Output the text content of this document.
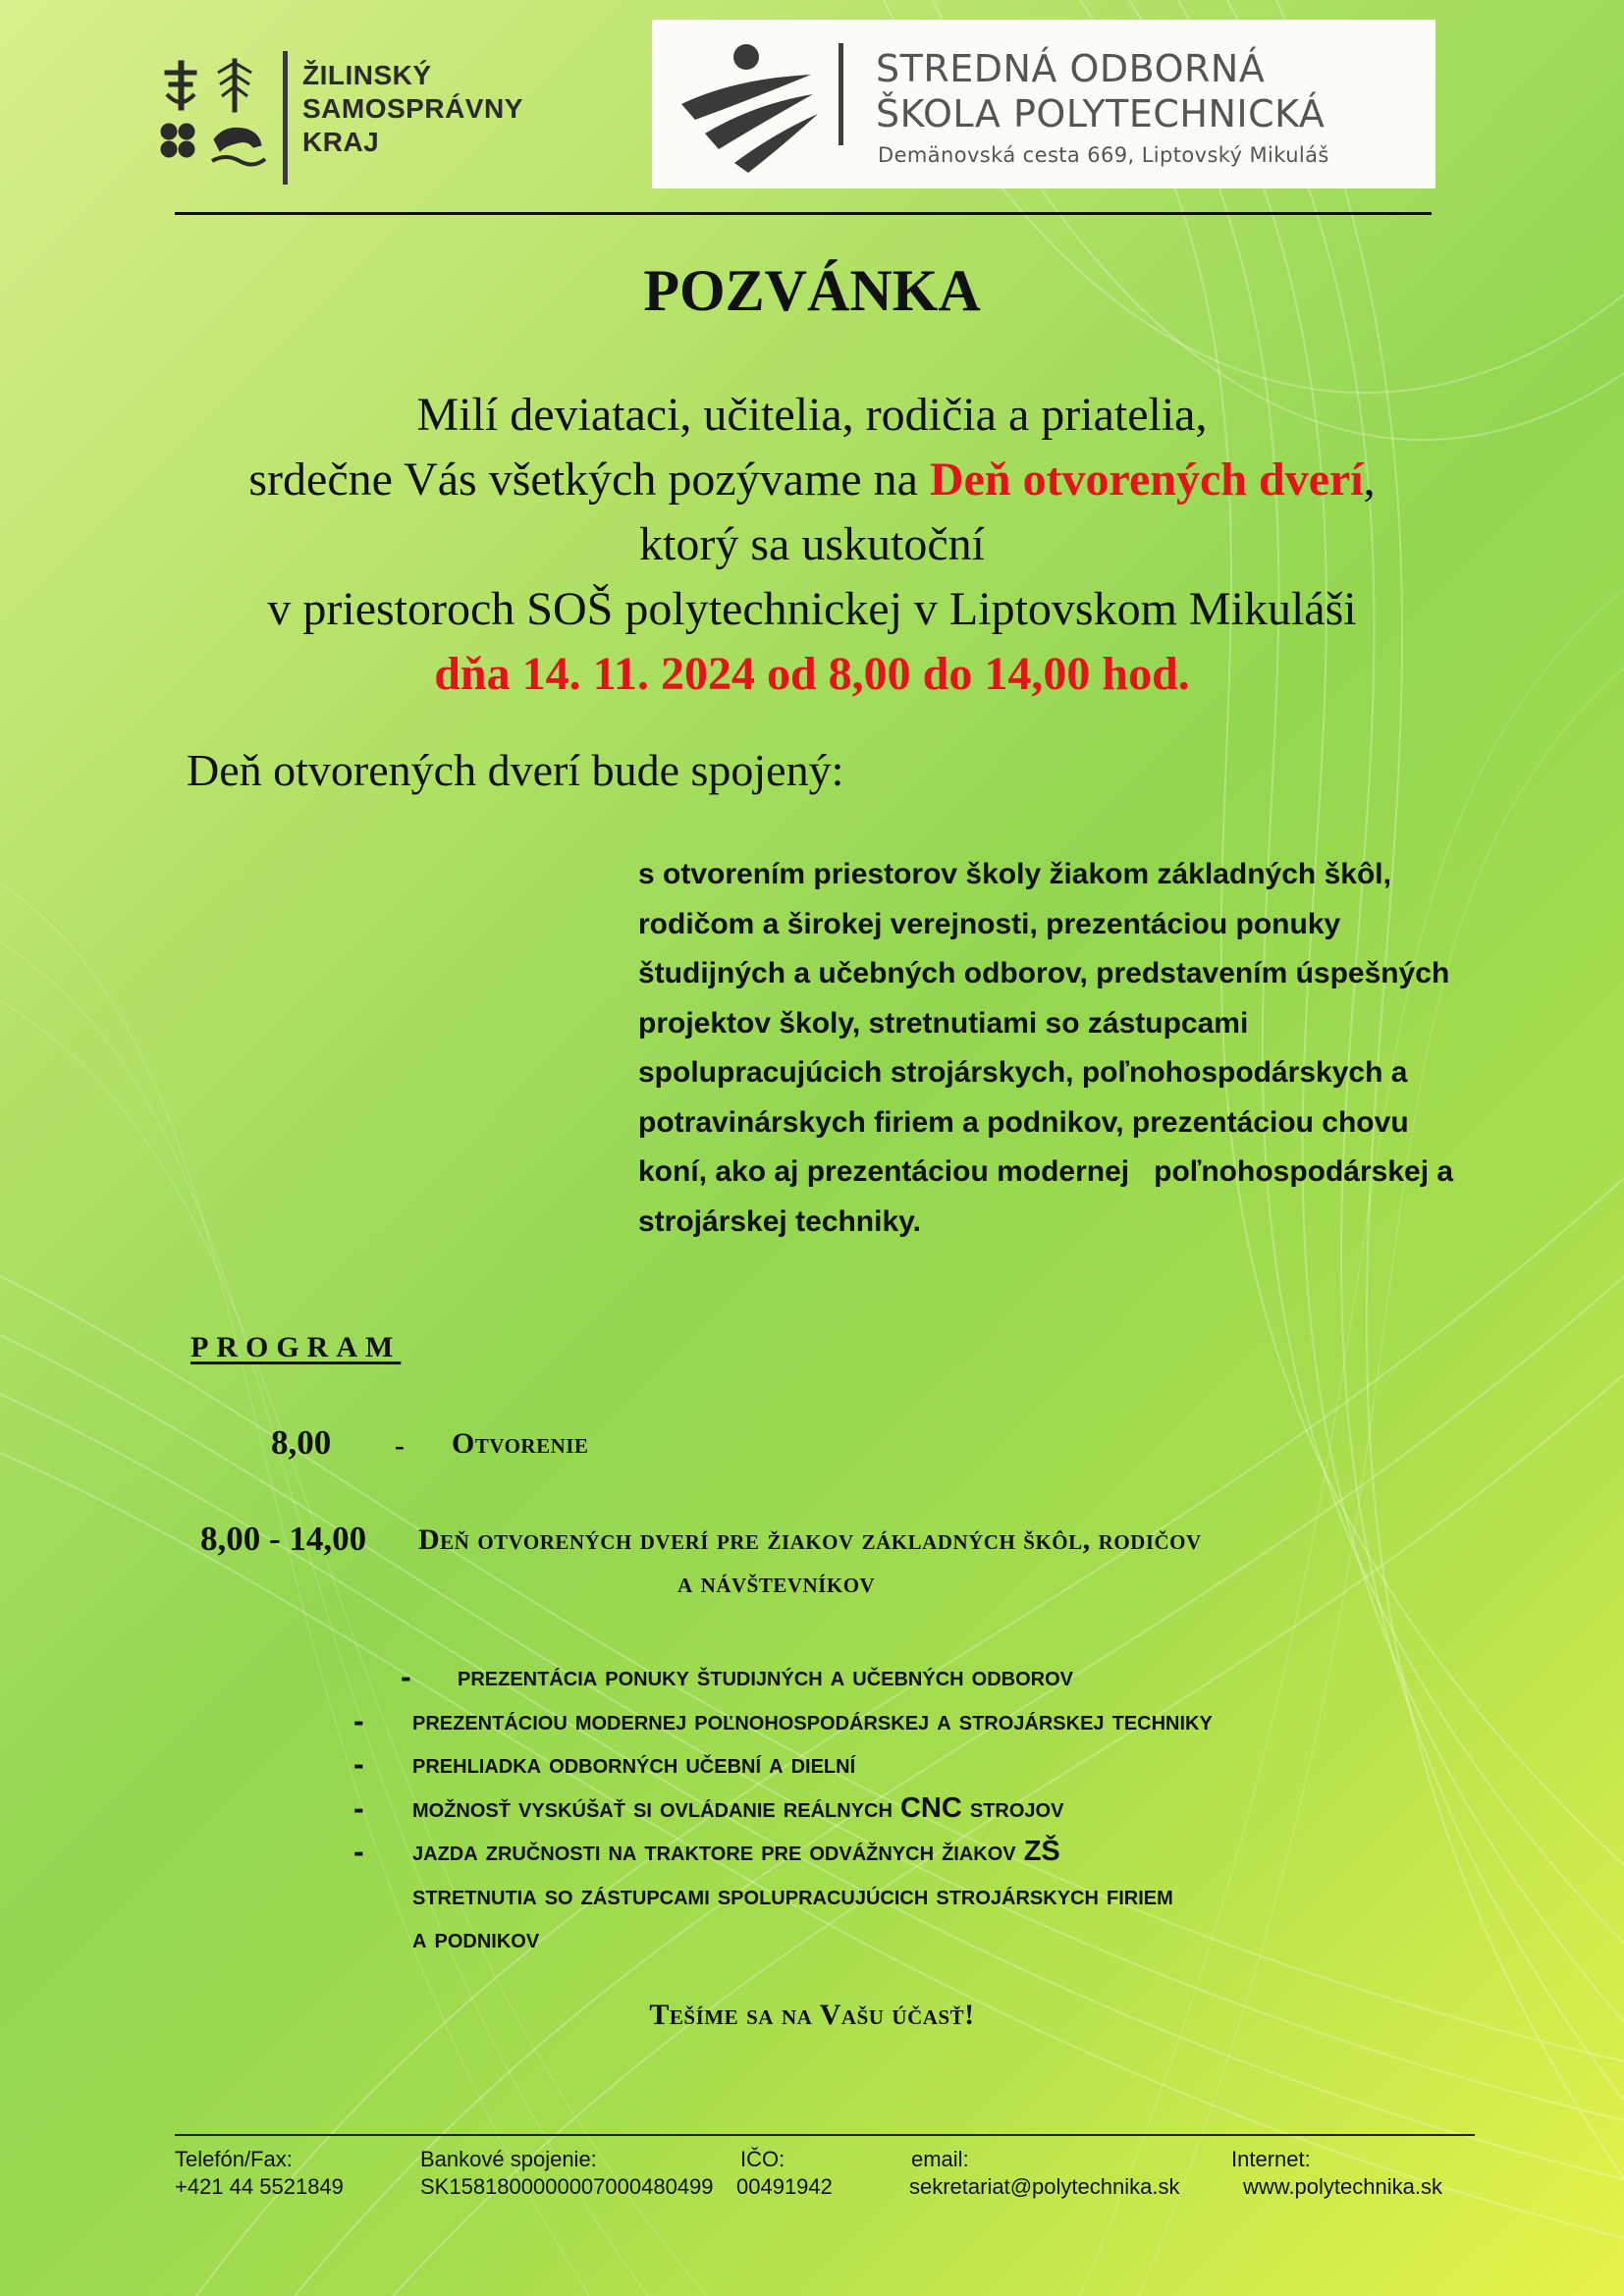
ŽILINSKÝ
SAMOSPRÁVNY
KRAJ
STREDNÁ ODBORNÁ
ŠKOLA POLYTECHNICKÁ
Demänovská cesta 669, Liptovský Mikuláš
POZVÁNKA
Milí deviataci, učitelia, rodičia a priatelia,
srdečne Vás všetkých pozývame na Deň otvorených dverí,
ktorý sa uskutoční
v priestoroch SOŠ polytechnickej v Liptovskom Mikuláši
dňa 14. 11. 2024 od 8,00 do 14,00 hod.
Deň otvorených dverí bude spojený:
s otvorením priestorov školy žiakom základných škôl,
rodičom a širokej verejnosti, prezentáciou ponuky
študijných a učebných odborov, predstavením úspešných
projektov školy, stretnutiami so zástupcami
spolupracujúcich strojárskych, poľnohospodárskych a
potravinárskych firiem a podnikov, prezentáciou chovu
koní, ako aj prezentáciou modernej   poľnohospodárskej a
strojárskej techniky.
PROGRAM
8,00 - Otvorenie
8,00 - 14,00 Deň otvorených dverí pre žiakov základných škôl, rodičov
a návštevníkov
- prezentácia ponuky študijných a učebných odborov
- prezentáciou modernej poľnohospodárskej a strojárskej techniky
- prehliadka odborných učební a dielní
- možnosť vyskúšať si ovládanie reálnych CNC strojov
- jazda zručnosti na traktore pre odvážnych žiakov ZŠ
stretnutia so zástupcami spolupracujúcich strojárskych firiem
a podnikov
Tešíme sa na Vašu účasť!
Telefón/Fax:
+421 44 5521849
Bankové spojenie:
SK1581800000007000480499
IČO:
00491942
email:
sekretariat@polytechnika.sk
Internet:
www.polytechnika.sk
